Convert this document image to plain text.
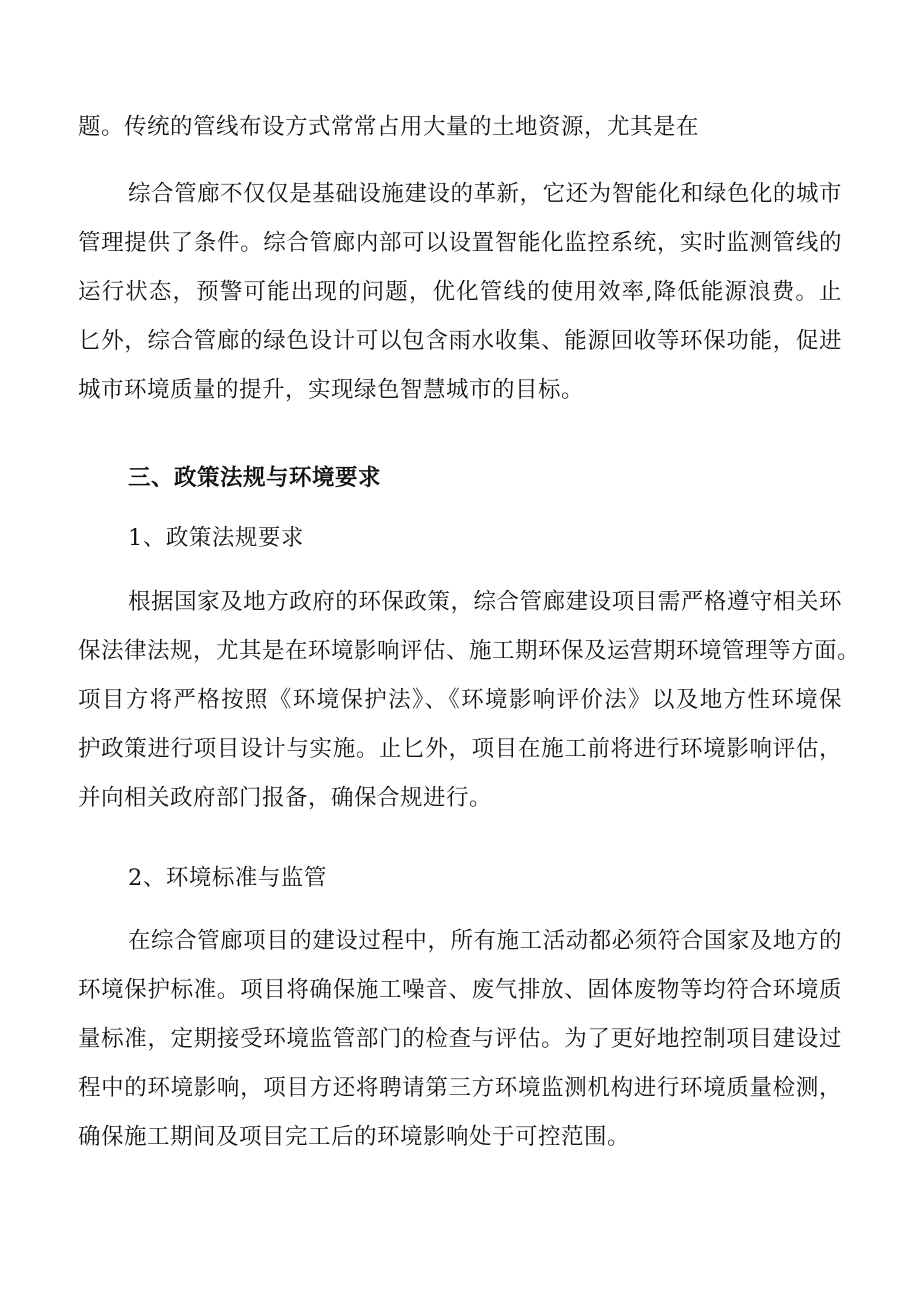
题。传统的管线布设方式常常占用大量的土地资源，尤其是在
综合管廊不仅仅是基础设施建设的革新，它还为智能化和绿色化的城市
管理提供了条件。综合管廊内部可以设置智能化监控系统，实时监测管线的
运行状态，预警可能出现的问题，优化管线的使用效率,降低能源浪费。止
匕外，综合管廊的绿色设计可以包含雨水收集、能源回收等环保功能，促进
城市环境质量的提升，实现绿色智慧城市的目标。
三、政策法规与环境要求
1、政策法规要求
根据国家及地方政府的环保政策，综合管廊建设项目需严格遵守相关环
保法律法规，尤其是在环境影响评估、施工期环保及运营期环境管理等方面。
项目方将严格按照《环境保护法》、《环境影响评价法》以及地方性环境保
护政策进行项目设计与实施。止匕外，项目在施工前将进行环境影响评估，
并向相关政府部门报备，确保合规进行。
2、环境标准与监管
在综合管廊项目的建设过程中，所有施工活动都必须符合国家及地方的
环境保护标准。项目将确保施工噪音、废气排放、固体废物等均符合环境质
量标准，定期接受环境监管部门的检查与评估。为了更好地控制项目建设过
程中的环境影响，项目方还将聘请第三方环境监测机构进行环境质量检测，
确保施工期间及项目完工后的环境影响处于可控范围。
